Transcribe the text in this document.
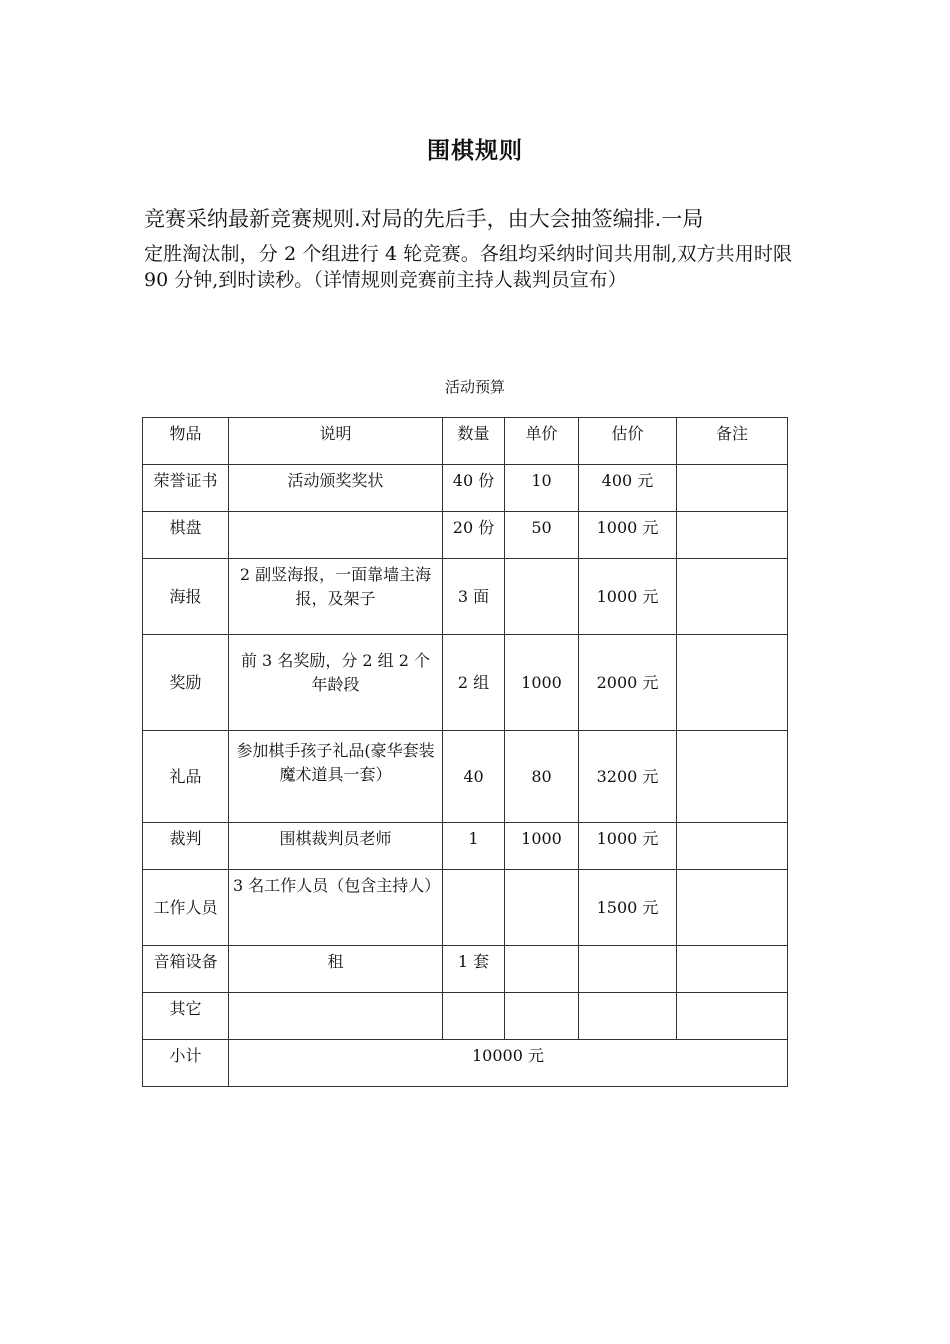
围棋规则
竞赛采纳最新竞赛规则.对局的先后手，由大会抽签编排.一局
定胜淘汰制，分 2 个组进行 4 轮竞赛。各组均采纳时间共用制,双方共用时限 90 分钟,到时读秒。（详情规则竞赛前主持人裁判员宣布）
活动预算
物品	说明	数量	单价	估价	备注
荣誉证书	活动颁奖奖状	40 份	10	400 元	
棋盘		20 份	50	1000 元	
海报	2 副竖海报，一面靠墙主海报，及架子	3 面		1000 元	
奖励	前 3 名奖励，分 2 组 2 个年龄段	2 组	1000	2000 元	
礼品	参加棋手孩子礼品(豪华套装魔术道具一套）	40	80	3200 元	
裁判	围棋裁判员老师	1	1000	1000 元	
工作人员	3 名工作人员（包含主持人）			1500 元	
音箱设备	租	1 套			
其它					
小计	10000 元				
